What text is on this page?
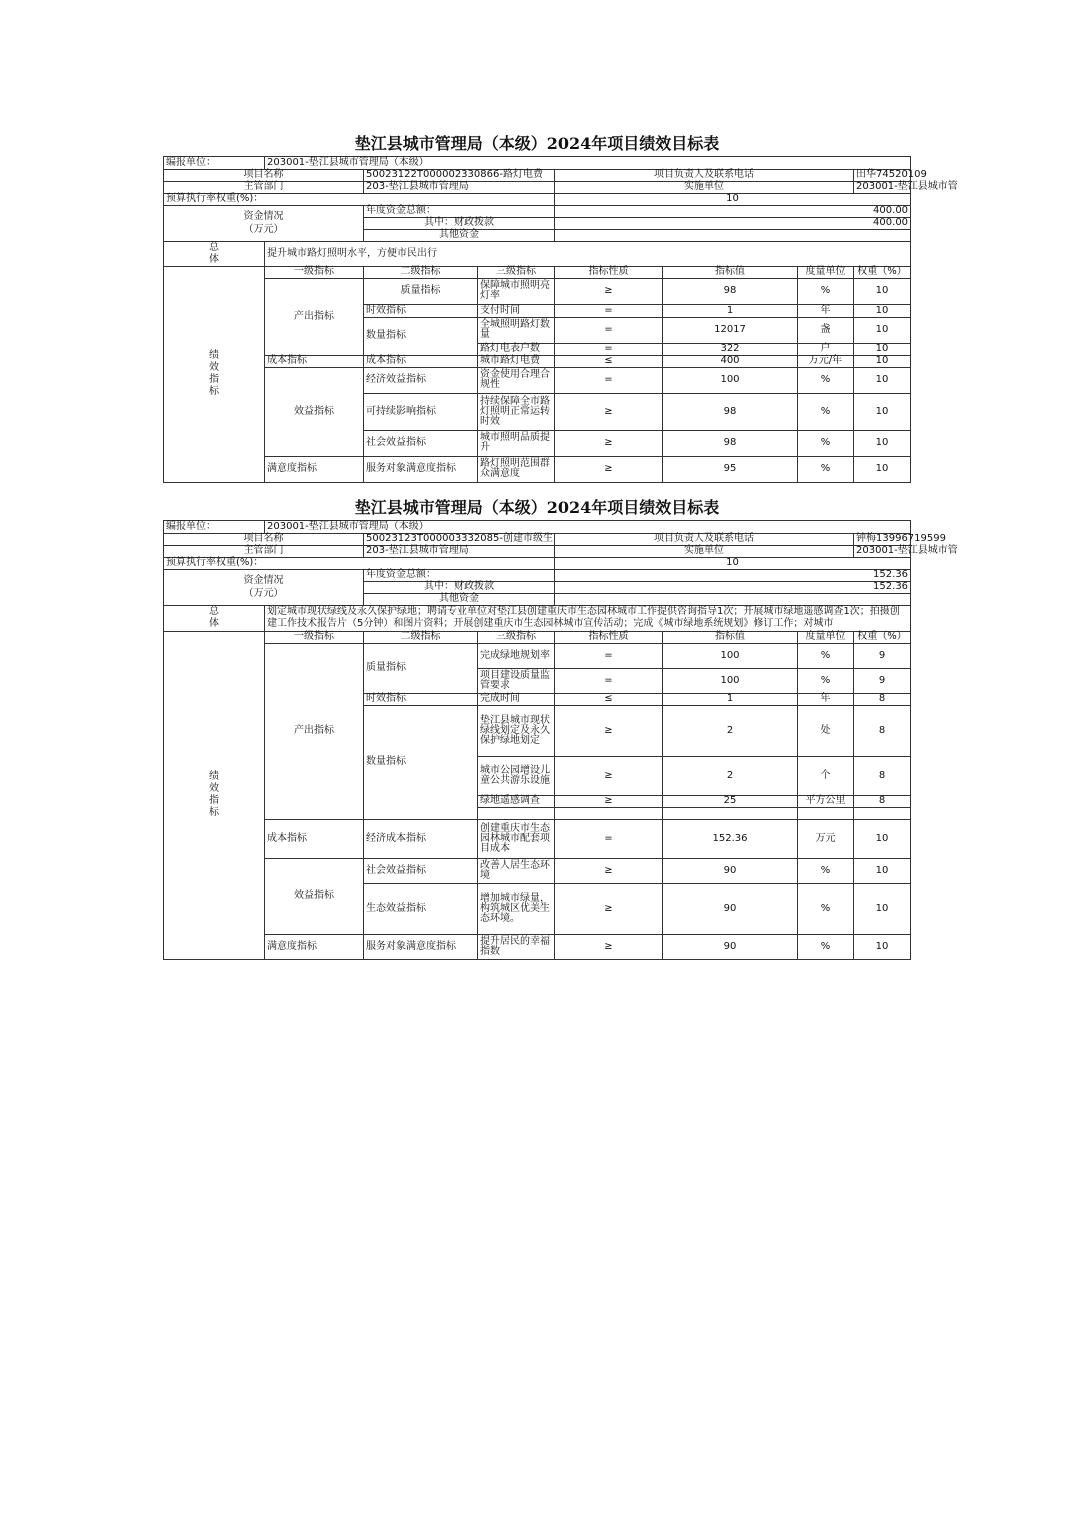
垫江县城市管理局（本级）2024年项目绩效目标表							
编报单位：	203001-垫江县城市管理局（本级）						
项目名称		50023122T000002330866-路灯电费		项目负责人及联系电话			田华74520109
主管部门		203-垫江县城市管理局		实施单位			203001-垫江县城市管
预算执行率权重(%)：				10			
资金情况
（万元）		年度资金总额：		400.00			
		其中：财政拨款		400.00			
		其他资金					

总
体	提升城市路灯照明水平，方便市民出行						

绩
效
指
标	一级指标	二级指标	三级指标	指标性质	指标值	度量单位	权重（%）
	产出指标	质量指标	保障城市照明亮灯率	≥	98	%	10
		时效指标	支付时间	=	1	年	10
		数量指标	全城照明路灯数量	=	12017	盏	10
			路灯电表户数	=	322	户	10
	成本指标	成本指标	城市路灯电费	≤	400	万元/年	10
	效益指标	经济效益指标	资金使用合理合规性	=	100	%	10
		可持续影响指标	持续保障全市路灯照明正常运转时效	≥	98	%	10
		社会效益指标	城市照明品质提升	≥	98	%	10
	满意度指标	服务对象满意度指标	路灯照明范围群众满意度	≥	95	%	10
垫江县城市管理局（本级）2024年项目绩效目标表							
编报单位：	203001-垫江县城市管理局（本级）						
项目名称		50023123T000003332085-创建市级生		项目负责人及联系电话			钟梅13996719599
主管部门		203-垫江县城市管理局		实施单位			203001-垫江县城市管
预算执行率权重(%)：				10			
资金情况
（万元）		年度资金总额：		152.36			
		其中：财政拨款		152.36			
		其他资金					

总
体	划定城市现状绿线及永久保护绿地；聘请专业单位对垫江县创建重庆市生态园林城市工作提供咨询指导1次；开展城市绿地遥感调查1次；拍摄创建工作技术报告片（5分钟）和图片资料；开展创建重庆市生态园林城市宣传活动；完成《城市绿地系统规划》修订工作；对城市						

绩
效
指
标	一级指标	二级指标	三级指标	指标性质	指标值	度量单位	权重（%）
	产出指标	质量指标	完成绿地规划率	=	100	%	9
			项目建设质量监管要求	=	100	%	9
		时效指标	完成时间	≤	1	年	8
		数量指标	垫江县城市现状绿线划定及永久保护绿地划定	≥	2	处	8
			城市公园增设儿童公共游乐设施	≥	2	个	8
			绿地遥感调查	≥	25	平方公里	8

	成本指标	经济成本指标	创建重庆市生态园林城市配套项目成本	=	152.36	万元	10
	效益指标	社会效益指标	改善人居生态环境	≥	90	%	10
		生态效益指标	增加城市绿量，构筑城区优美生态环境。	≥	90	%	10
	满意度指标	服务对象满意度指标	提升居民的幸福指数	≥	90	%	10
